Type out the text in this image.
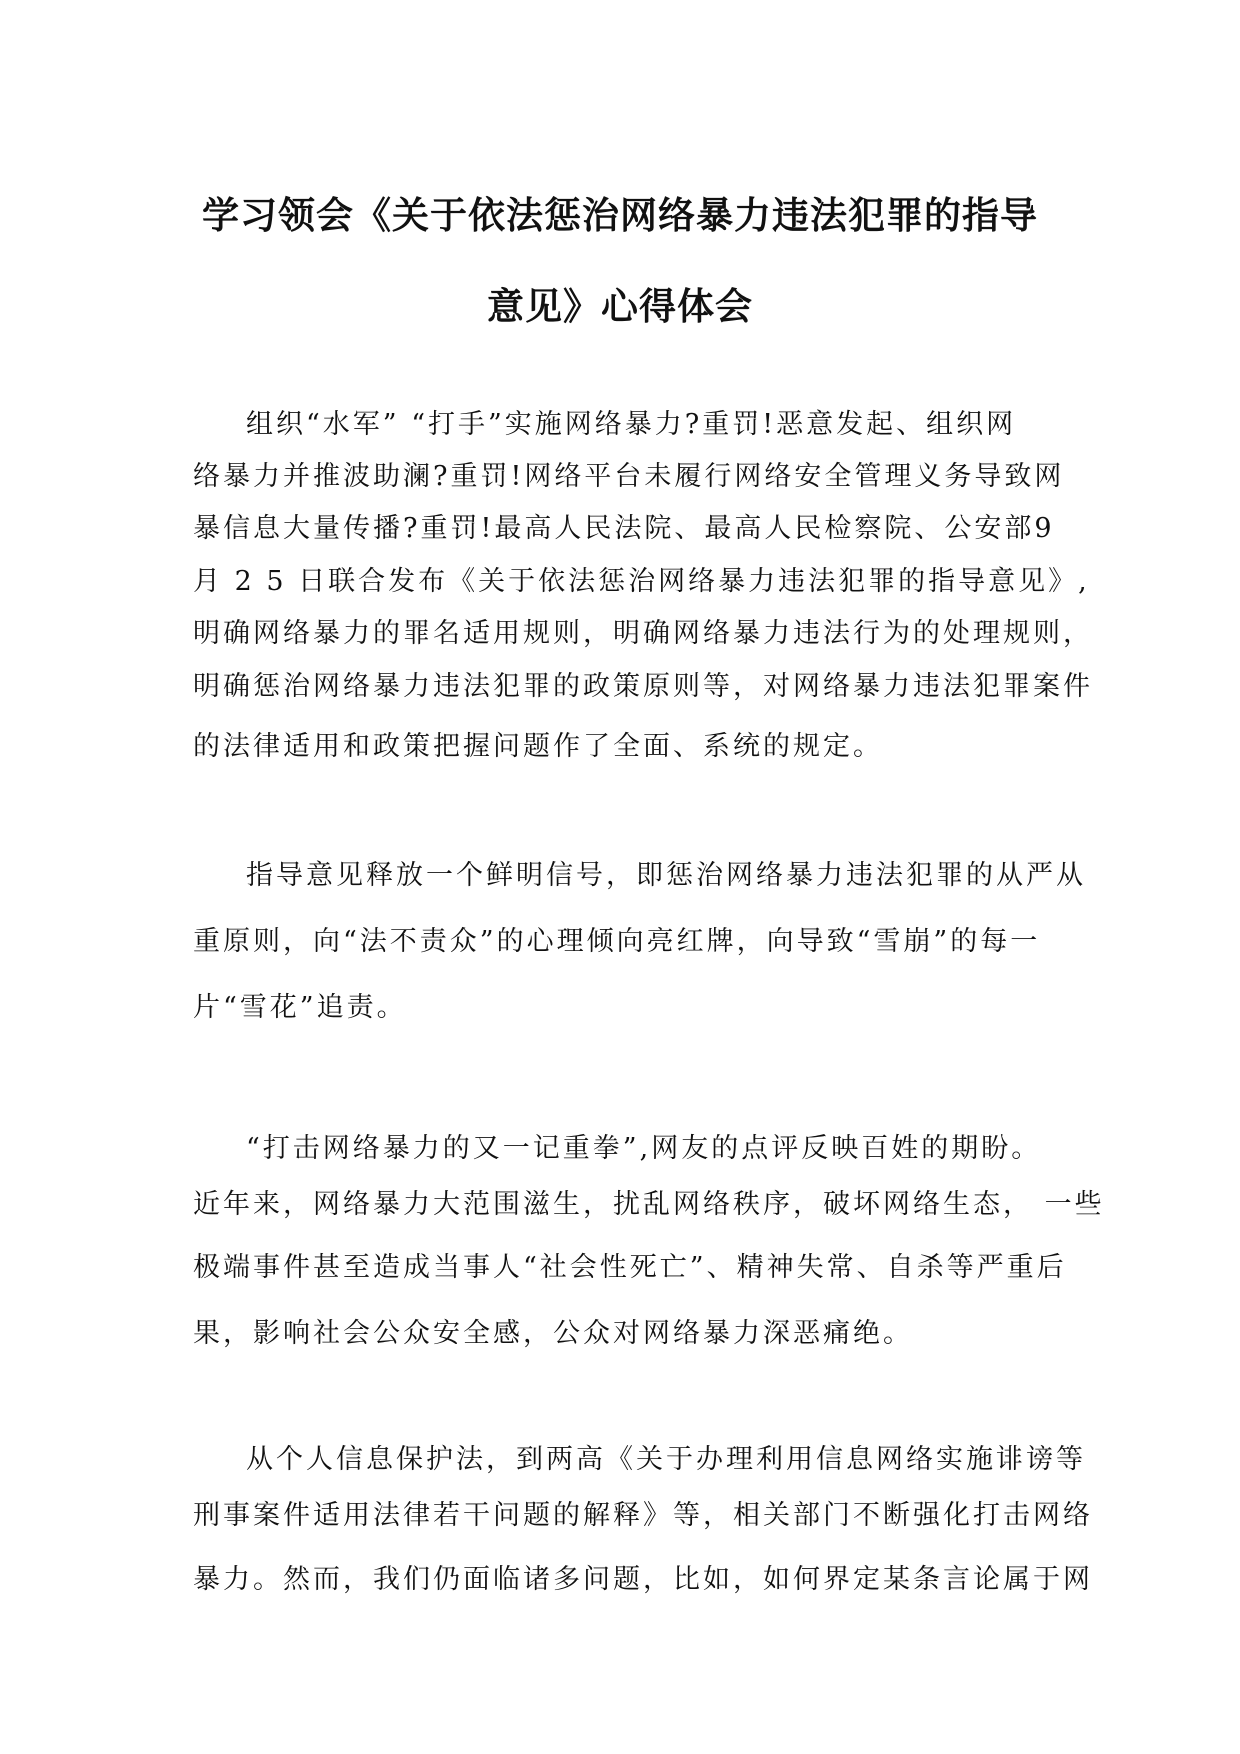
学习领会《关于依法惩治网络暴力违法犯罪的指导
意见》心得体会
组织“水军” “打手”实施网络暴力?重罚!恶意发起、组织网
络暴力并推波助澜?重罚!网络平台未履行网络安全管理义务导致网
暴信息大量传播?重罚!最高人民法院、最高人民检察院、公安部9
月 2 5 日联合发布《关于依法惩治网络暴力违法犯罪的指导意见》,
明确网络暴力的罪名适用规则，明确网络暴力违法行为的处理规则，
明确惩治网络暴力违法犯罪的政策原则等，对网络暴力违法犯罪案件
的法律适用和政策把握问题作了全面、系统的规定。
指导意见释放一个鲜明信号，即惩治网络暴力违法犯罪的从严从
重原则，向“法不责众”的心理倾向亮红牌，向导致“雪崩”的每一
片“雪花”追责。
“打击网络暴力的又一记重拳”,网友的点评反映百姓的期盼。
近年来，网络暴力大范围滋生，扰乱网络秩序，破坏网络生态， 一些
极端事件甚至造成当事人“社会性死亡”、精神失常、自杀等严重后
果，影响社会公众安全感，公众对网络暴力深恶痛绝。
从个人信息保护法，到两高《关于办理利用信息网络实施诽谤等
刑事案件适用法律若干问题的解释》等，相关部门不断强化打击网络
暴力。然而，我们仍面临诸多问题，比如，如何界定某条言论属于网
